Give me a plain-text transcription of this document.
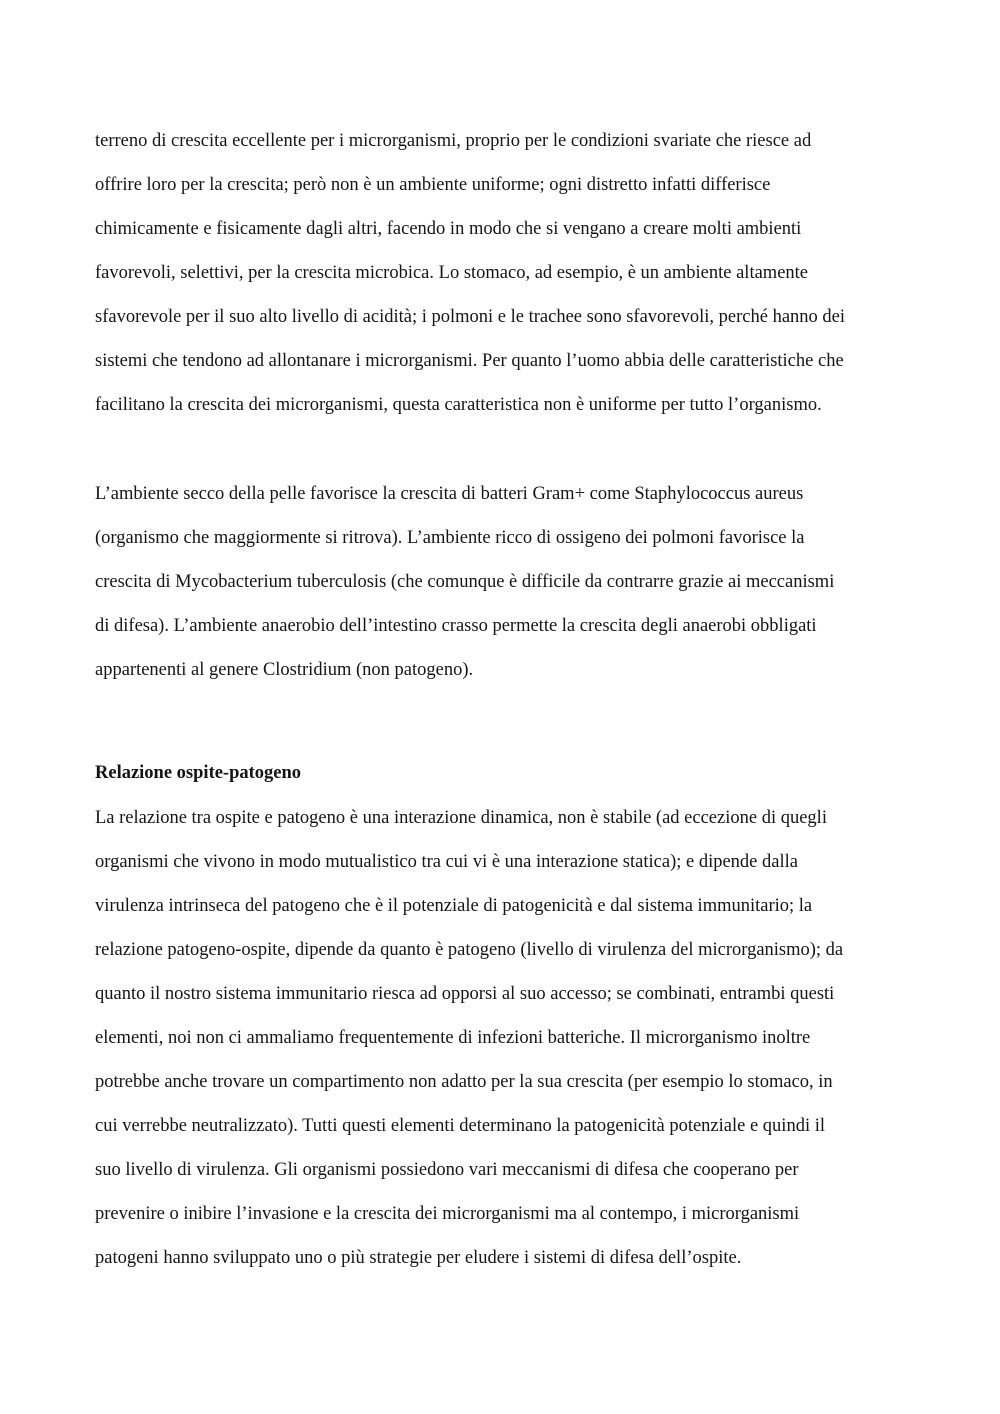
terreno di crescita eccellente per i microrganismi, proprio per le condizioni svariate che riesce ad

offrire loro per la crescita; però non è un ambiente uniforme; ogni distretto infatti differisce

chimicamente e fisicamente dagli altri, facendo in modo che si vengano a creare molti ambienti

favorevoli, selettivi, per la crescita microbica. Lo stomaco, ad esempio, è un ambiente altamente

sfavorevole per il suo alto livello di acidità; i polmoni e le trachee sono sfavorevoli, perché hanno dei

sistemi che tendono ad allontanare i microrganismi. Per quanto l’uomo abbia delle caratteristiche che

facilitano la crescita dei microrganismi, questa caratteristica non è uniforme per tutto l’organismo.

L’ambiente secco della pelle favorisce la crescita di batteri Gram+ come Staphylococcus aureus

(organismo che maggiormente si ritrova). L’ambiente ricco di ossigeno dei polmoni favorisce la

crescita di Mycobacterium tuberculosis (che comunque è difficile da contrarre grazie ai meccanismi

di difesa). L’ambiente anaerobio dell’intestino crasso permette la crescita degli anaerobi obbligati

appartenenti al genere Clostridium (non patogeno).

Relazione ospite-patogeno

La relazione tra ospite e patogeno è una interazione dinamica, non è stabile (ad eccezione di quegli

organismi che vivono in modo mutualistico tra cui vi è una interazione statica); e dipende dalla

virulenza intrinseca del patogeno che è il potenziale di patogenicità e dal sistema immunitario; la

relazione patogeno-ospite, dipende da quanto è patogeno (livello di virulenza del microrganismo); da

quanto il nostro sistema immunitario riesca ad opporsi al suo accesso; se combinati, entrambi questi

elementi, noi non ci ammaliamo frequentemente di infezioni batteriche. Il microrganismo inoltre

potrebbe anche trovare un compartimento non adatto per la sua crescita (per esempio lo stomaco, in

cui verrebbe neutralizzato). Tutti questi elementi determinano la patogenicità potenziale e quindi il

suo livello di virulenza. Gli organismi possiedono vari meccanismi di difesa che cooperano per

prevenire o inibire l’invasione e la crescita dei microrganismi ma al contempo, i microrganismi

patogeni hanno sviluppato uno o più strategie per eludere i sistemi di difesa dell’ospite.
